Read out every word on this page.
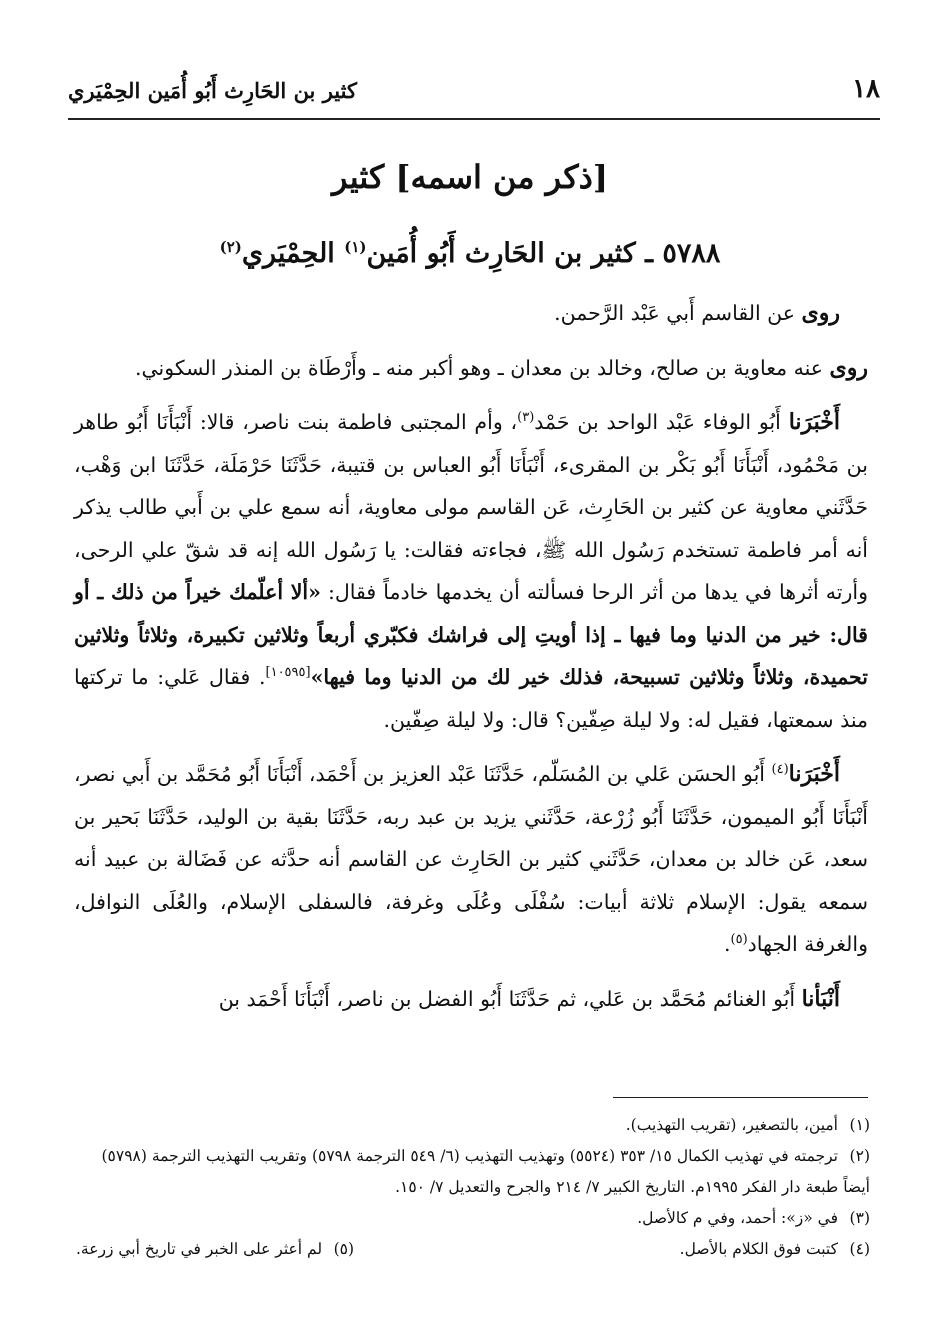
١٨
كثير بن الحَارِث أَبُو أُمَين الحِمْيَري
[ذكر من اسمه] كثير
٥٧٨٨ ـ كثير بن الحَارِث أَبُو أُمَين$^{(١)}$ الحِمْيَري$^{(٢)}$

روى عن القاسم أَبي عَبْد الرَّحمن.

روى عنه معاوية بن صالح، وخالد بن معدان ـ وهو أكبر منه ـ وأَرْطَاة بن المنذر السكوني.

أَخْبَرَنا أَبُو الوفاء عَبْد الواحد بن حَمْد$^{(٣)}$، وأم المجتبى فاطمة بنت ناصر، قالا: أَنْبَأَنَا أَبُو طاهر بن مَحْمُود، أَنْبَأَنَا أَبُو بَكْر بن المقرىء، أَنْبَأَنَا أَبُو العباس بن قتيبة، حَدَّثَنَا حَرْمَلَة، حَدَّثَنَا ابن وَهْب، حَدَّثَني معاوية عن كثير بن الحَارِث، عَن القاسم مولى معاوية، أنه سمع علي بن أَبي طالب يذكر أنه أمر فاطمة تستخدم رَسُول الله ﷺ، فجاءته فقالت: يا رَسُول الله إنه قد شقّ علي الرحى، وأرته أثرها في يدها من أثر الرحا فسألته أن يخدمها خادماً فقال: «ألا أعلّمك خيراً من ذلك ـ أو قال: خير من الدنيا وما فيها ـ إذا أويتِ إلى فراشك فكبّري أربعاً وثلاثين تكبيرة، وثلاثاً وثلاثين تحميدة، وثلاثاً وثلاثين تسبيحة، فذلك خير لك من الدنيا وما فيها»[١٠٥٩٥]. فقال عَلي: ما تركتها منذ سمعتها، فقيل له: ولا ليلة صِفّين؟ قال: ولا ليلة صِفّين.

أَخْبَرَنا$^{(٤)}$ أَبُو الحسَن عَلي بن المُسَلّم، حَدَّثَنَا عَبْد العزيز بن أَحْمَد، أَنْبَأَنَا أَبُو مُحَمَّد بن أَبي نصر، أَنْبَأَنَا أَبُو الميمون، حَدَّثَنَا أَبُو زُرْعة، حَدَّثَني يزيد بن عبد ربه، حَدَّثَنَا بقية بن الوليد، حَدَّثَنَا بَحير بن سعد، عَن خالد بن معدان، حَدَّثَني كثير بن الحَارِث عن القاسم أنه حدَّثه عن فَضَالة بن عبيد أنه سمعه يقول: الإسلام ثلاثة أبيات: سُفْلَى وعُلَى وغرفة، فالسفلى الإسلام، والعُلَى النوافل، والغرفة الجهاد$^{(٥)}$.

أَنْبَأنا أَبُو الغنائم مُحَمَّد بن عَلي، ثم حَدَّثَنَا أَبُو الفضل بن ناصر، أَنْبَأَنَا أَحْمَد بن

(١)أمين، بالتصغير، (تقريب التهذيب).

(٢)ترجمته في تهذيب الكمال ١٥/ ٣٥٣ (٥٥٢٤) وتهذيب التهذيب (٦/ ٥٤٩ الترجمة ٥٧٩٨) وتقريب التهذيب الترجمة (٥٧٩٨) أيضاً طبعة دار الفكر ١٩٩٥م. التاريخ الكبير ٧/ ٢١٤ والجرح والتعديل ٧/ ١٥٠.

(٣)في «ز»: أحمد، وفي م كالأصل.

(٤)كتبت فوق الكلام بالأصل.

(٥)لم أعثر على الخبر في تاريخ أبي زرعة.
